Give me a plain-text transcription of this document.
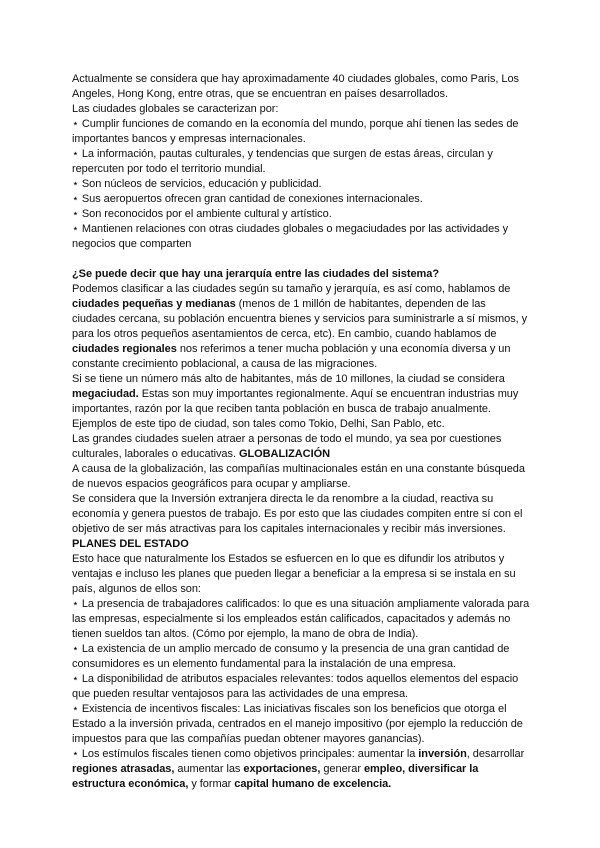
Actualmente se considera que hay aproximadamente 40 ciudades globales, como Paris, Los Angeles, Hong Kong, entre otras, que se encuentran en países desarrollados.

Las ciudades globales se caracterizan por:

⋆ Cumplir funciones de comando en la economía del mundo, porque ahí tienen las sedes de importantes bancos y empresas internacionales.

⋆ La información, pautas culturales, y tendencias que surgen de estas áreas, circulan y repercuten por todo el territorio mundial.

⋆ Son núcleos de servicios, educación y publicidad.

⋆ Sus aeropuertos ofrecen gran cantidad de conexiones internacionales.

⋆ Son reconocidos por el ambiente cultural y artístico.

⋆ Mantienen relaciones con otras ciudades globales o megaciudades por las actividades y negocios que comparten

¿Se puede decir que hay una jerarquía entre las ciudades del sistema?

Podemos clasificar a las ciudades según su tamaño y jerarquía, es así como, hablamos de ciudades pequeñas y medianas (menos de 1 millón de habitantes, dependen de las ciudades cercana, su población encuentra bienes y servicios para suministrarle a sí mismos, y para los otros pequeños asentamientos de cerca, etc). En cambio, cuando hablamos de ciudades regionales nos referimos a tener mucha población y una economía diversa y un constante crecimiento poblacional, a causa de las migraciones.

Si se tiene un número más alto de habitantes, más de 10 millones, la ciudad se considera megaciudad. Estas son muy importantes regionalmente. Aquí se encuentran industrias muy importantes, razón por la que reciben tanta población en busca de trabajo anualmente.

Ejemplos de este tipo de ciudad, son tales como Tokio, Delhi, San Pablo, etc.

Las grandes ciudades suelen atraer a personas de todo el mundo, ya sea por cuestiones culturales, laborales o educativas. GLOBALIZACIÓN

A causa de la globalización, las compañías multinacionales están en una constante búsqueda de nuevos espacios geográficos para ocupar y ampliarse.

Se considera que la Inversión extranjera directa le da renombre a la ciudad, reactiva su economía y genera puestos de trabajo. Es por esto que las ciudades compiten entre sí con el objetivo de ser más atractivas para los capitales internacionales y recibir más inversiones.

PLANES DEL ESTADO

Esto hace que naturalmente los Estados se esfuercen en lo que es difundir los atributos y ventajas e incluso les planes que pueden llegar a beneficiar a la empresa si se instala en su país, algunos de ellos son:

⋆ La presencia de trabajadores calificados: lo que es una situación ampliamente valorada para las empresas, especialmente si los empleados están calificados, capacitados y además no tienen sueldos tan altos. (Cómo por ejemplo, la mano de obra de India).

⋆ La existencia de un amplio mercado de consumo y la presencia de una gran cantidad de consumidores es un elemento fundamental para la instalación de una empresa.

⋆ La disponibilidad de atributos espaciales relevantes: todos aquellos elementos del espacio que pueden resultar ventajosos para las actividades de una empresa.

⋆ Existencia de incentivos fiscales: Las iniciativas fiscales son los beneficios que otorga el Estado a la inversión privada, centrados en el manejo impositivo (por ejemplo la reducción de impuestos para que las compañías puedan obtener mayores ganancias).

⋆ Los estímulos fiscales tienen como objetivos principales: aumentar la inversión, desarrollar regiones atrasadas, aumentar las exportaciones, generar empleo, diversificar la estructura económica, y formar capital humano de excelencia.
